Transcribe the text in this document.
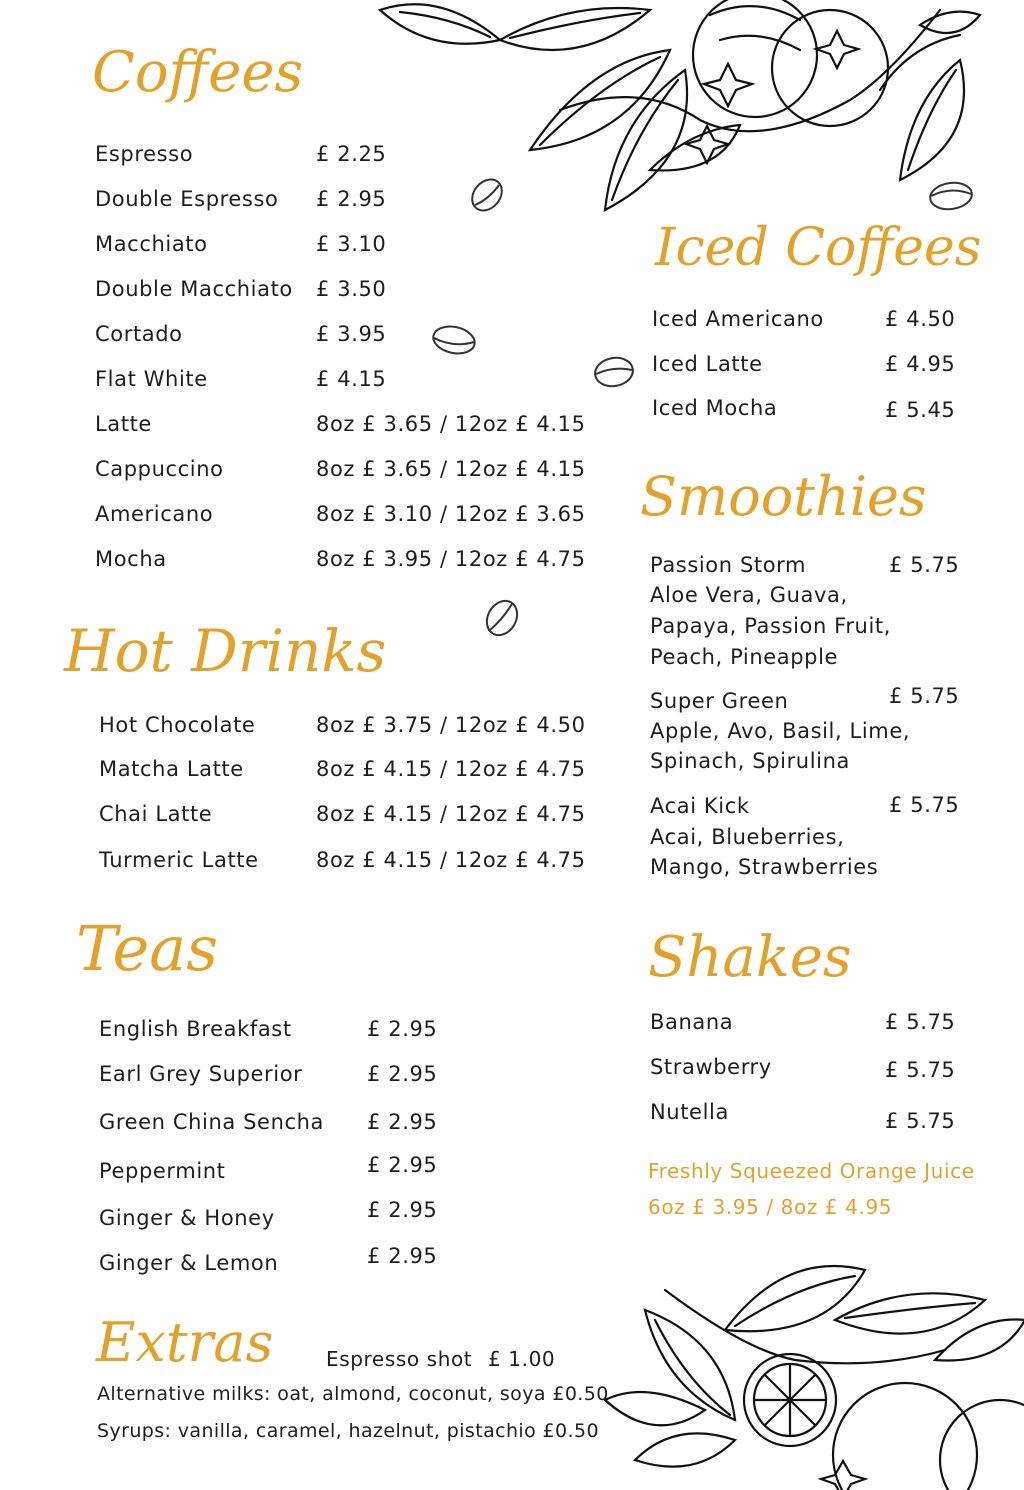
Coffees
Espresso	£ 2.25
Double Espresso £ 2.95
Macchiato	£ 3.10
Double Macchiato £ 3.50
Cortado	£ 3.95
Flat White	£ 4.15
Latte	8oz £ 3.65 / 12oz £ 4.15
Cappuccino	8oz £ 3.65 / 12oz £ 4.15
Americano	8oz £ 3.10 / 12oz £ 3.65
Mocha	8oz £ 3.95 / 12oz £ 4.75
Hot Drinks
Hot Chocolate	8oz £ 3.75 / 12oz £ 4.50
Matcha Latte	8oz £ 4.15 / 12oz £ 4.75
Chai Latte	8oz £ 4.15 / 12oz £ 4.75
Turmeric Latte	8oz £ 4.15 / 12oz £ 4.75
Teas
English Breakfast	£ 2.95
Earl Grey Superior	£ 2.95
Green China Sencha £ 2.95
Peppermint	£ 2.95
Ginger & Honey	£ 2.95
Ginger & Lemon	£ 2.95
Extras	Espresso shot £ 1.00
Alternative milks: oat, almond, coconut, soya £0.50
Syrups: vanilla, caramel, hazelnut, pistachio £0.50
Iced Coffees
Iced Americano	£ 4.50
Iced Latte	£ 4.95
Iced Mocha	£ 5.45
Smoothies
Passion Storm	£ 5.75
Aloe Vera, Guava,
Papaya, Passion Fruit,
Peach, Pineapple
Super Green	£ 5.75
Apple, Avo, Basil, Lime,
Spinach, Spirulina
Acai Kick	£ 5.75
Acai, Blueberries,
Mango, Strawberries
Shakes
Banana	£ 5.75
Strawberry	£ 5.75
Nutella	£ 5.75
Freshly Squeezed Orange Juice
6oz £ 3.95 / 8oz £ 4.95
